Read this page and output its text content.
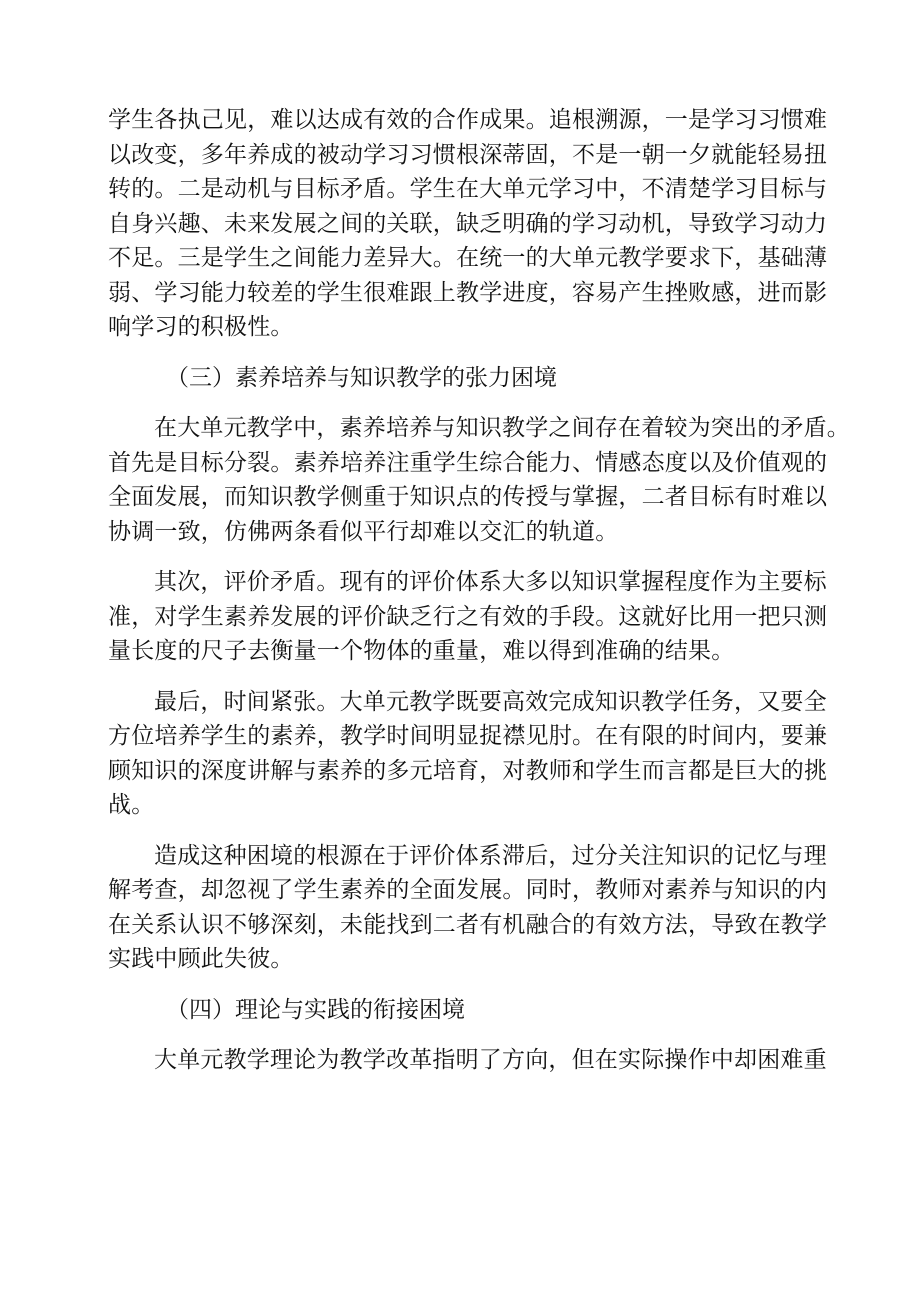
学生各执己见，难以达成有效的合作成果。追根溯源，一是学习习惯难
以改变，多年养成的被动学习习惯根深蒂固，不是一朝一夕就能轻易扭
转的。二是动机与目标矛盾。学生在大单元学习中，不清楚学习目标与
自身兴趣、未来发展之间的关联，缺乏明确的学习动机，导致学习动力
不足。三是学生之间能力差异大。在统一的大单元教学要求下，基础薄
弱、学习能力较差的学生很难跟上教学进度，容易产生挫败感，进而影
响学习的积极性。
（三）素养培养与知识教学的张力困境
在大单元教学中，素养培养与知识教学之间存在着较为突出的矛盾。
首先是目标分裂。素养培养注重学生综合能力、情感态度以及价值观的
全面发展，而知识教学侧重于知识点的传授与掌握，二者目标有时难以
协调一致，仿佛两条看似平行却难以交汇的轨道。
其次，评价矛盾。现有的评价体系大多以知识掌握程度作为主要标
准，对学生素养发展的评价缺乏行之有效的手段。这就好比用一把只测
量长度的尺子去衡量一个物体的重量，难以得到准确的结果。
最后，时间紧张。大单元教学既要高效完成知识教学任务，又要全
方位培养学生的素养，教学时间明显捉襟见肘。在有限的时间内，要兼
顾知识的深度讲解与素养的多元培育，对教师和学生而言都是巨大的挑
战。
造成这种困境的根源在于评价体系滞后，过分关注知识的记忆与理
解考查，却忽视了学生素养的全面发展。同时，教师对素养与知识的内
在关系认识不够深刻，未能找到二者有机融合的有效方法，导致在教学
实践中顾此失彼。
（四）理论与实践的衔接困境
大单元教学理论为教学改革指明了方向，但在实际操作中却困难重
